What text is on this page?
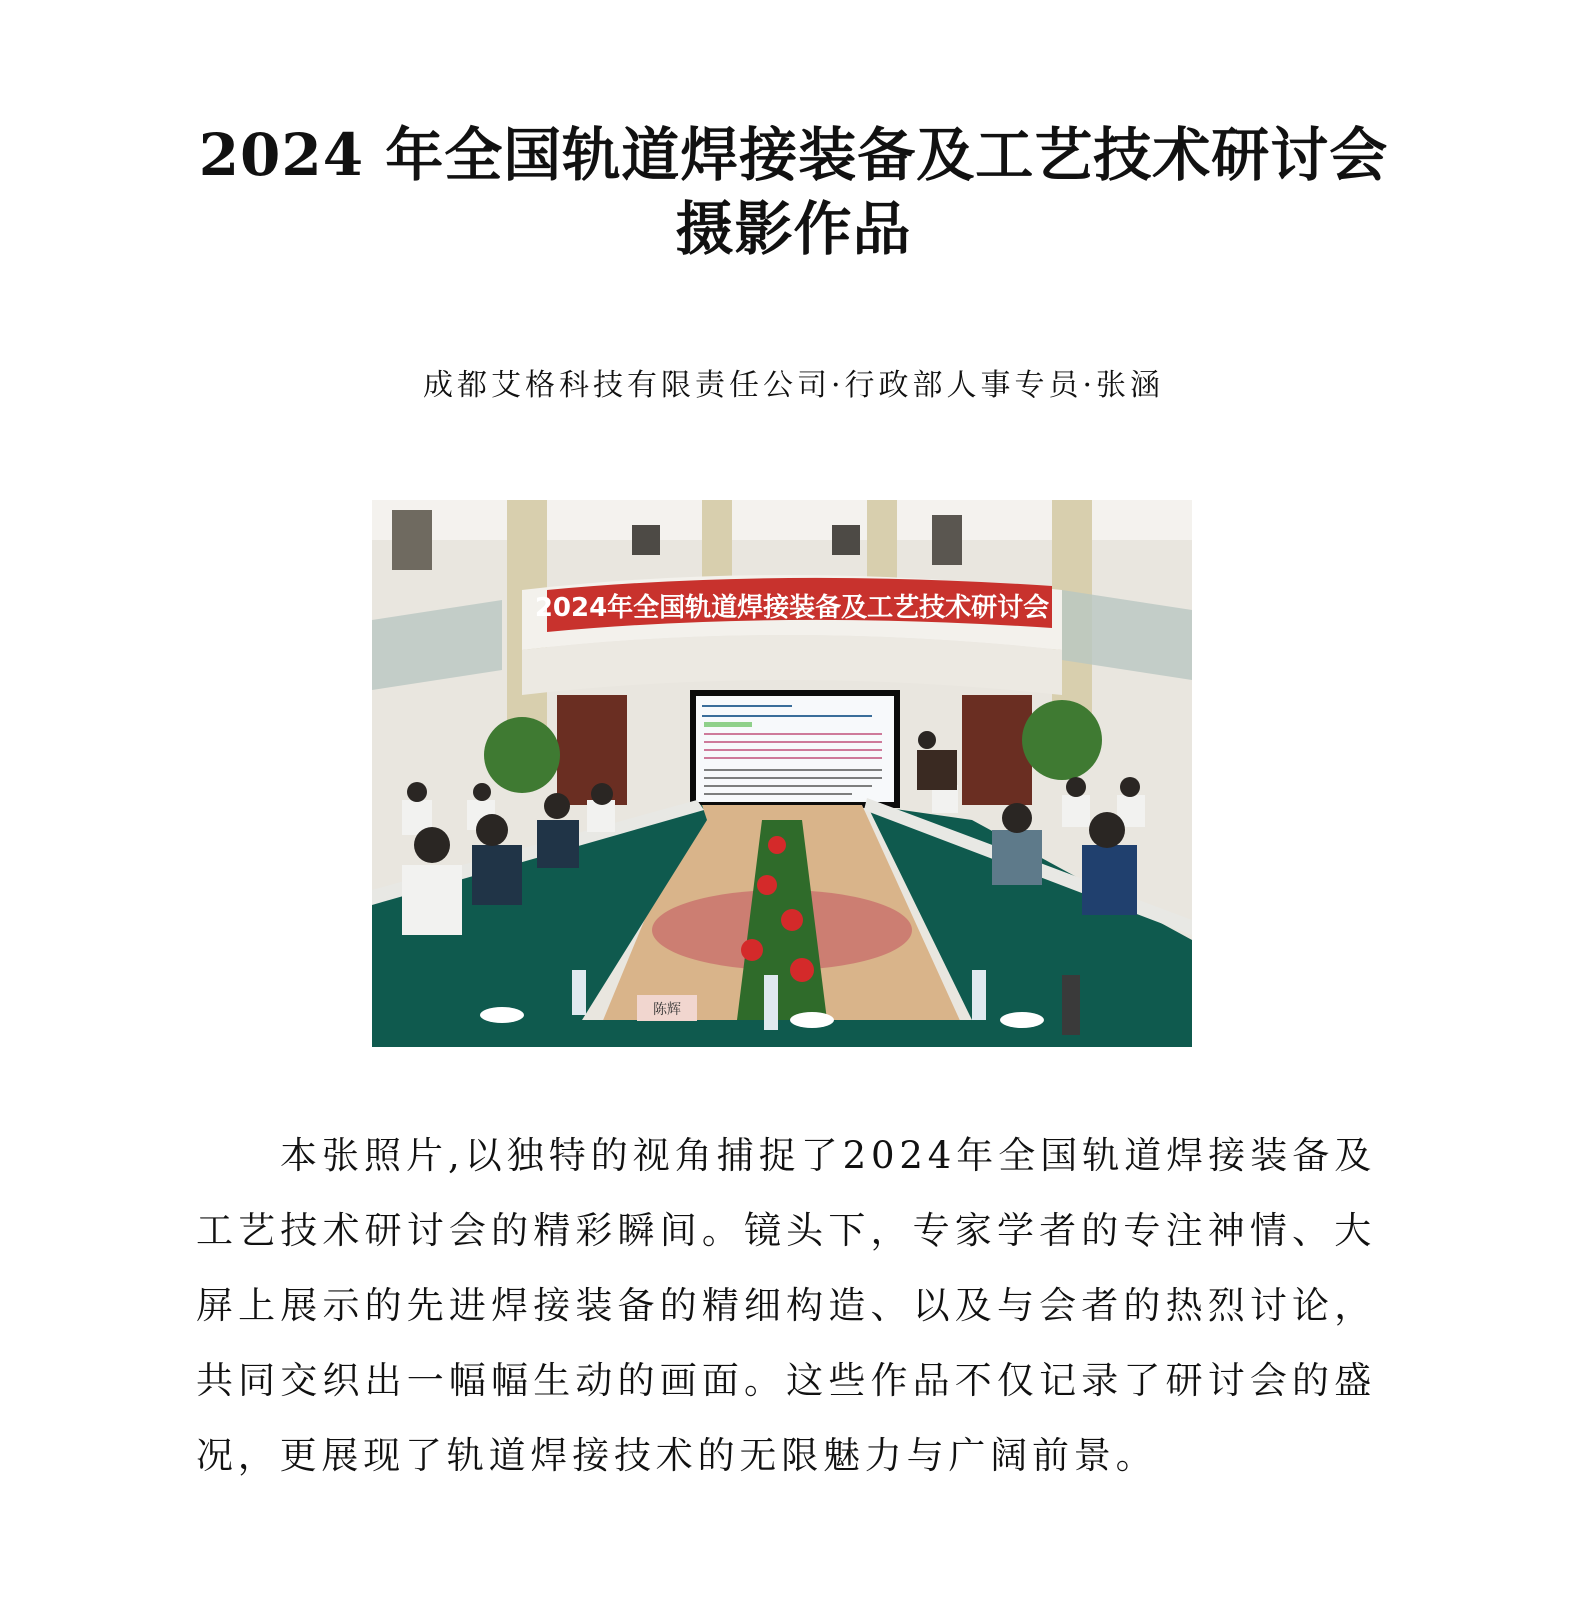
2024 年全国轨道焊接装备及工艺技术研讨会
摄影作品
成都艾格科技有限责任公司·行政部人事专员·张涵
2024年全国轨道焊接装备及工艺技术研讨会
陈辉
本张照片,以独特的视角捕捉了2024年全国轨道焊接装备及工艺技术研讨会的精彩瞬间。镜头下，专家学者的专注神情、大屏上展示的先进焊接装备的精细构造、以及与会者的热烈讨论，共同交织出一幅幅生动的画面。这些作品不仅记录了研讨会的盛况，更展现了轨道焊接技术的无限魅力与广阔前景。
